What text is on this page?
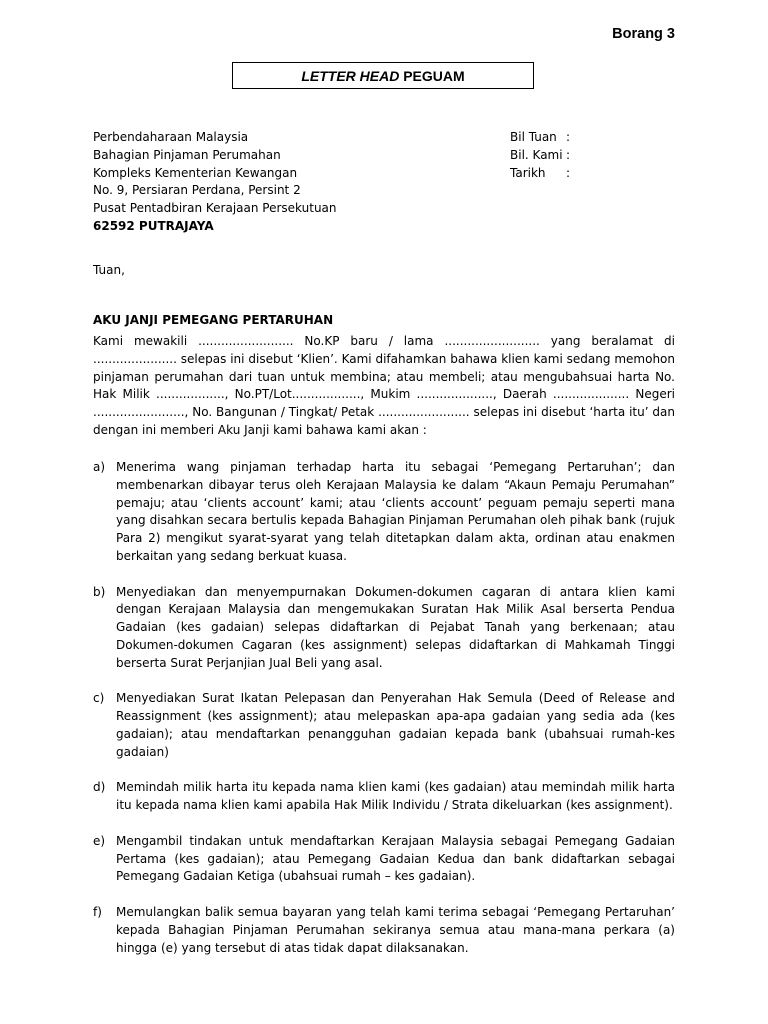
Borang 3
LETTER HEAD PEGUAM
Perbendaharaan Malaysia
Bahagian Pinjaman Perumahan
Kompleks Kementerian Kewangan
No. 9, Persiaran Perdana, Persint 2
Pusat Pentadbiran Kerajaan Persekutuan
62592 PUTRAJAYA
Bil Tuan :
Bil. Kami :
Tarikh	:
Tuan,
AKU JANJI PEMEGANG PERTARUHAN
Kami mewakili ......................... No.KP baru / lama ......................... yang beralamat di ...................... selepas ini disebut ‘Klien’. Kami difahamkan bahawa klien kami sedang memohon pinjaman perumahan dari tuan untuk membina; atau membeli; atau mengubahsuai harta No. Hak Milik .................., No.PT/Lot.................., Mukim ...................., Daerah .................... Negeri ........................, No. Bangunan / Tingkat/ Petak ........................ selepas ini disebut ‘harta itu’ dan dengan ini memberi Aku Janji kami bahawa kami akan :
a) Menerima wang pinjaman terhadap harta itu sebagai ‘Pemegang Pertaruhan’; dan membenarkan dibayar terus oleh Kerajaan Malaysia ke dalam “Akaun Pemaju Perumahan” pemaju; atau ‘clients account’ kami; atau ‘clients account’ peguam pemaju seperti mana yang disahkan secara bertulis kepada Bahagian Pinjaman Perumahan oleh pihak bank (rujuk Para 2) mengikut syarat-syarat yang telah ditetapkan dalam akta, ordinan atau enakmen berkaitan yang sedang berkuat kuasa.
b) Menyediakan dan menyempurnakan Dokumen-dokumen cagaran di antara klien kami dengan Kerajaan Malaysia dan mengemukakan Suratan Hak Milik Asal berserta Pendua Gadaian (kes gadaian) selepas didaftarkan di Pejabat Tanah yang berkenaan; atau Dokumen-dokumen Cagaran (kes assignment) selepas didaftarkan di Mahkamah Tinggi berserta Surat Perjanjian Jual Beli yang asal.
c) Menyediakan Surat Ikatan Pelepasan dan Penyerahan Hak Semula (Deed of Release and Reassignment (kes assignment); atau melepaskan apa-apa gadaian yang sedia ada (kes gadaian); atau mendaftarkan penangguhan gadaian kepada bank (ubahsuai rumah-kes gadaian)
d) Memindah milik harta itu kepada nama klien kami (kes gadaian) atau memindah milik harta itu kepada nama klien kami apabila Hak Milik Individu / Strata dikeluarkan (kes assignment).
e) Mengambil tindakan untuk mendaftarkan Kerajaan Malaysia sebagai Pemegang Gadaian Pertama (kes gadaian); atau Pemegang Gadaian Kedua dan bank didaftarkan sebagai Pemegang Gadaian Ketiga (ubahsuai rumah – kes gadaian).
f)	Memulangkan balik semua bayaran yang telah kami terima sebagai ‘Pemegang Pertaruhan’ kepada Bahagian Pinjaman Perumahan sekiranya semua atau mana-mana perkara (a) hingga (e) yang tersebut di atas tidak dapat dilaksanakan.
